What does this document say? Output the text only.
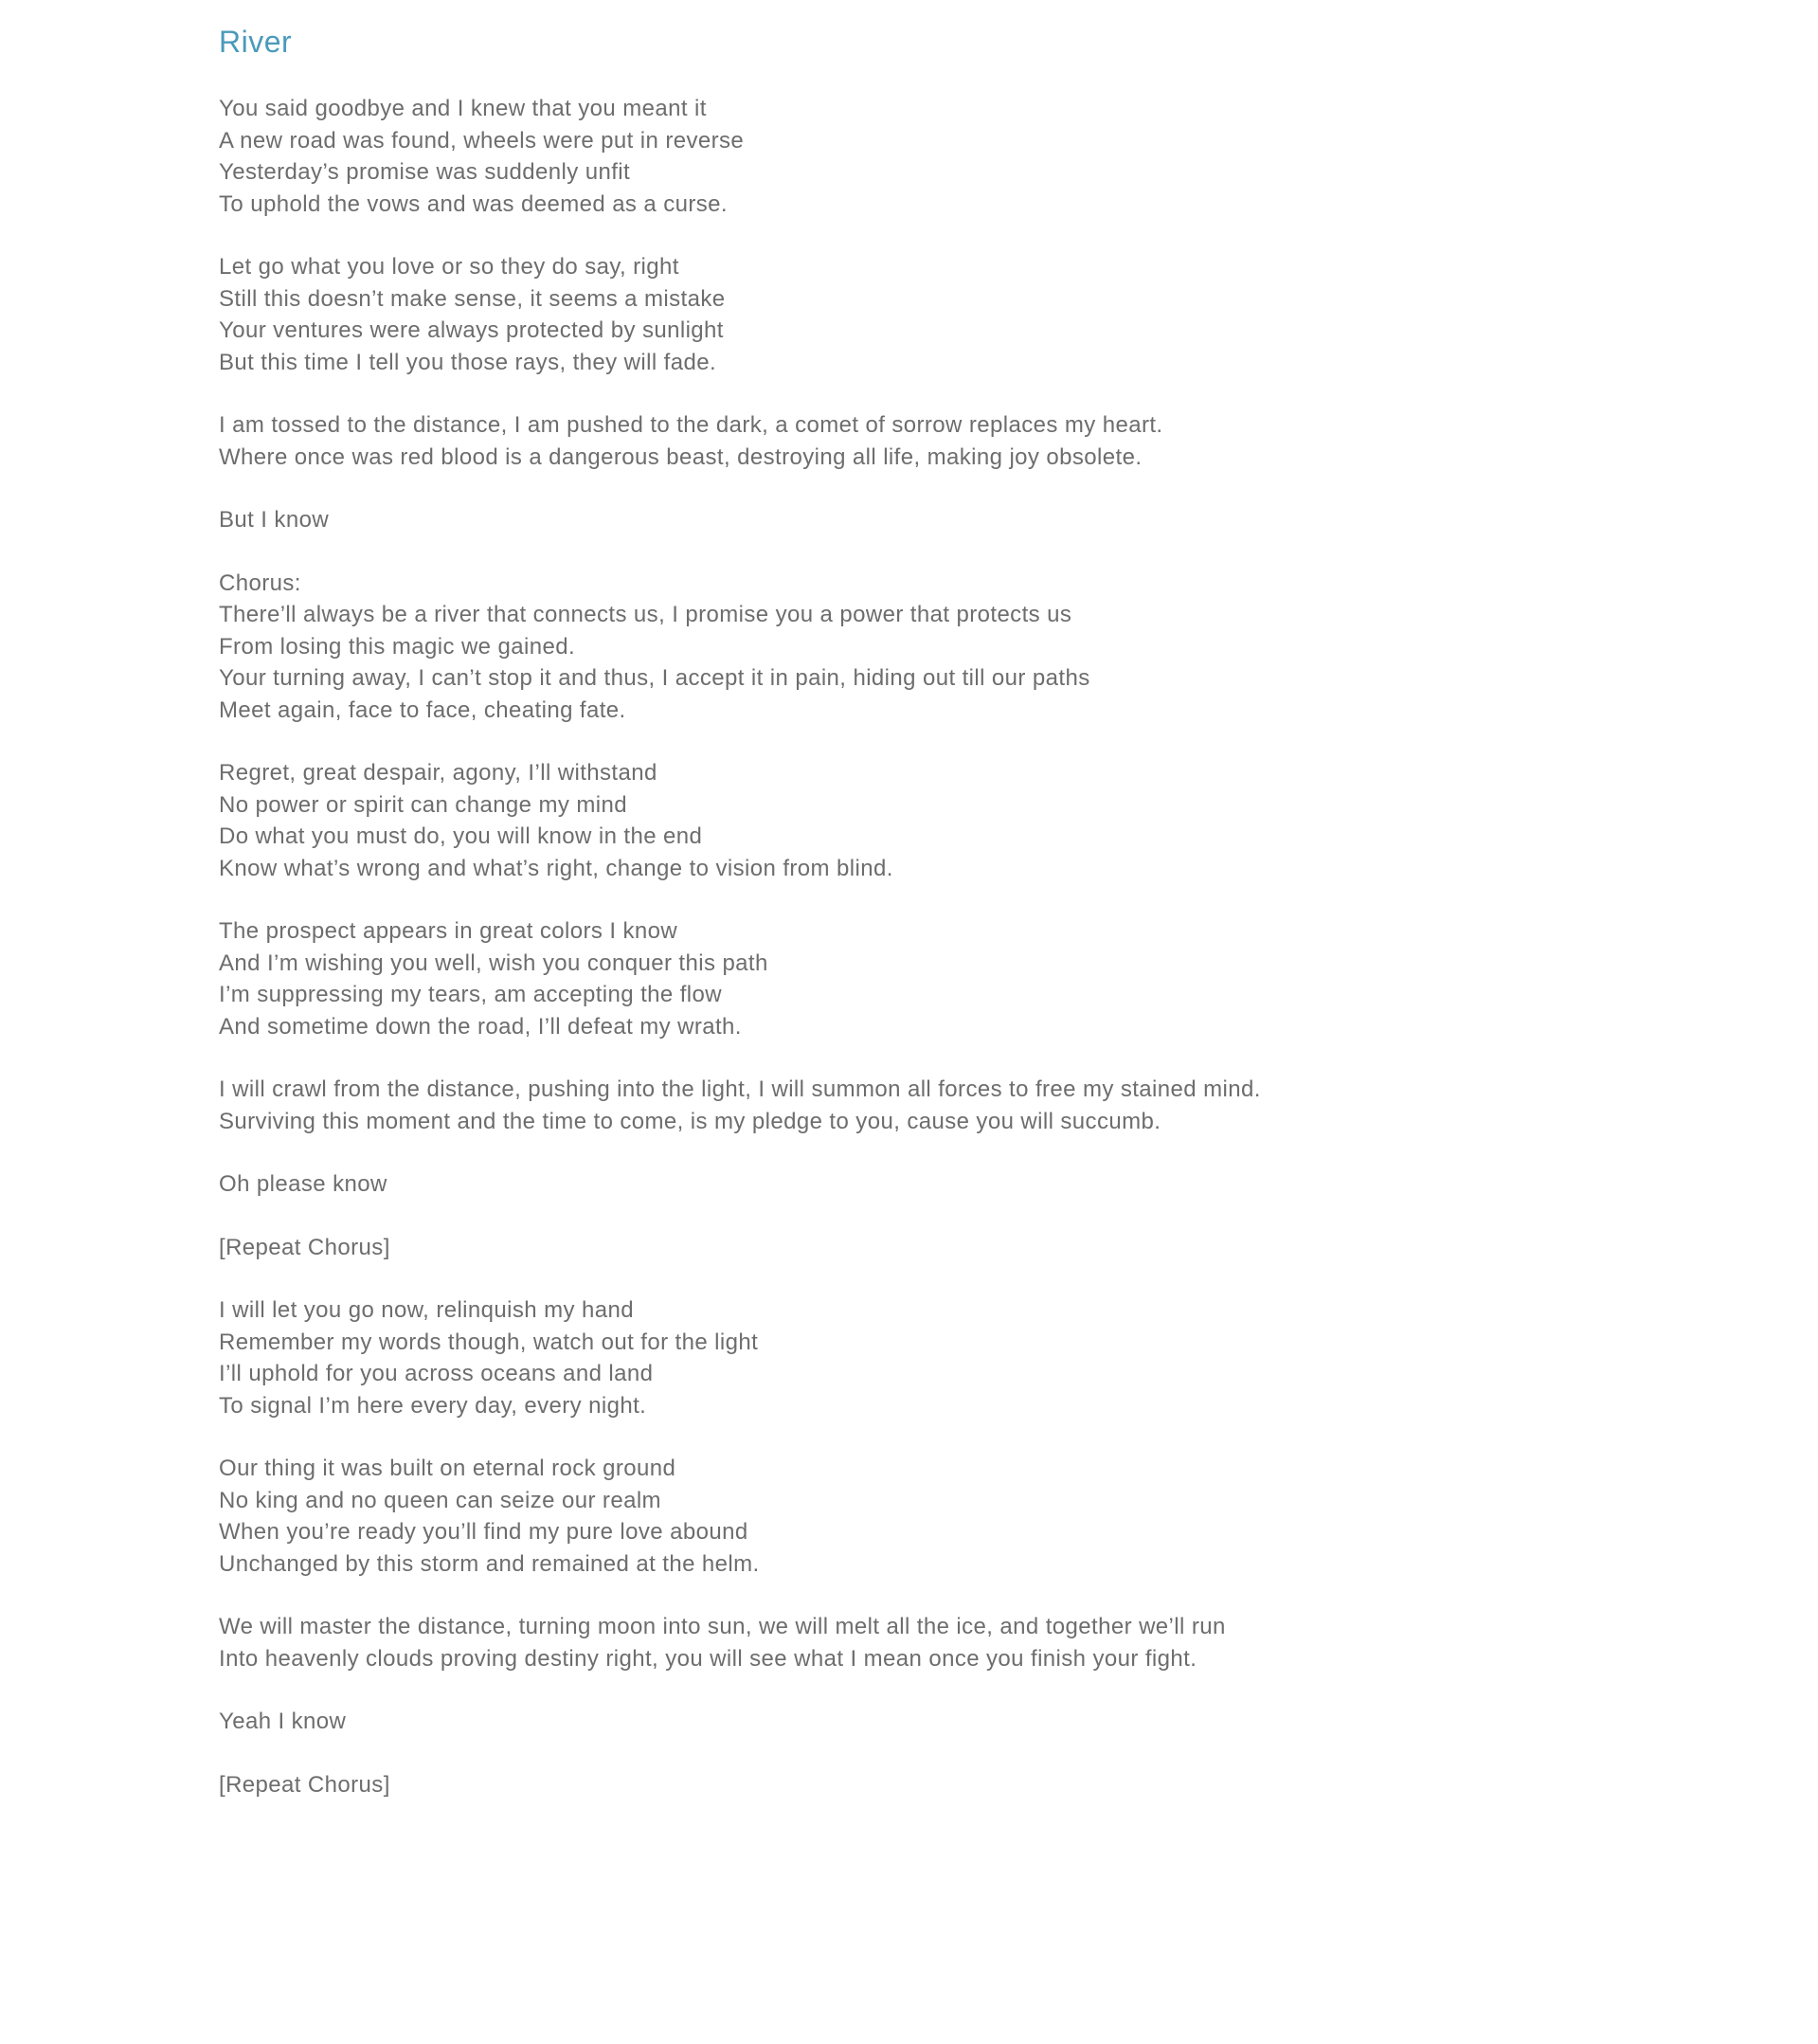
River

You said goodbye and I knew that you meant it
A new road was found, wheels were put in reverse
Yesterday’s promise was suddenly unfit
To uphold the vows and was deemed as a curse.

Let go what you love or so they do say, right
Still this doesn’t make sense, it seems a mistake
Your ventures were always protected by sunlight
But this time I tell you those rays, they will fade.

I am tossed to the distance, I am pushed to the dark, a comet of sorrow replaces my heart.
Where once was red blood is a dangerous beast, destroying all life, making joy obsolete.

But I know

Chorus:
There’ll always be a river that connects us, I promise you a power that protects us
From losing this magic we gained.
Your turning away, I can’t stop it and thus, I accept it in pain, hiding out till our paths
Meet again, face to face, cheating fate.

Regret, great despair, agony, I’ll withstand
No power or spirit can change my mind
Do what you must do, you will know in the end
Know what’s wrong and what’s right, change to vision from blind.

The prospect appears in great colors I know
And I’m wishing you well, wish you conquer this path
I’m suppressing my tears, am accepting the flow
And sometime down the road, I’ll defeat my wrath.

I will crawl from the distance, pushing into the light, I will summon all forces to free my stained mind.
Surviving this moment and the time to come, is my pledge to you, cause you will succumb.

Oh please know

[Repeat Chorus]

I will let you go now, relinquish my hand
Remember my words though, watch out for the light
I’ll uphold for you across oceans and land
To signal I’m here every day, every night.

Our thing it was built on eternal rock ground
No king and no queen can seize our realm
When you’re ready you’ll find my pure love abound
Unchanged by this storm and remained at the helm.

We will master the distance, turning moon into sun, we will melt all the ice, and together we’ll run
Into heavenly clouds proving destiny right, you will see what I mean once you finish your fight.

Yeah I know

[Repeat Chorus]
